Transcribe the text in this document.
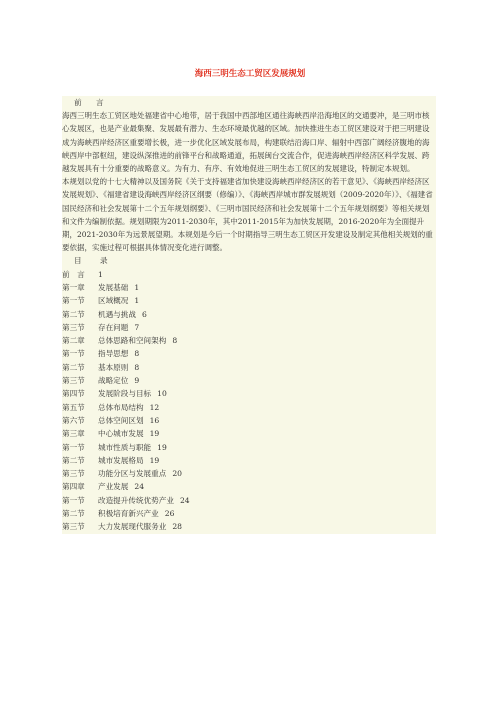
海西三明生态工贸区发展规划
前 言

海西三明生态工贸区地处福建省中心地带，居于我国中西部地区通往海峡西岸沿海地区的交通要冲，是三明市核心发展区，也是产业最集聚、发展最有潜力、生态环境最优越的区域。加快推进生态工贸区建设对于把三明建设成为海峡西岸经济区重要增长极，进一步优化区域发展布局，构建联结沿海口岸、辐射中西部广阔经济腹地的海峡西岸中部枢纽，建设纵深推进的前锋平台和战略通道，拓展闽台交流合作，促进海峡西岸经济区科学发展、跨越发展具有十分重要的战略意义。为有力、有序、有效地促进三明生态工贸区的发展建设，特制定本规划。

本规划以党的十七大精神以及国务院《关于支持福建省加快建设海峡西岸经济区的若干意见》、《海峡西岸经济区发展规划》、《福建省建设海峡西岸经济区纲要（修编）》、《海峡西岸城市群发展规划（2009-2020年）》、《福建省国民经济和社会发展第十二个五年规划纲要》、《三明市国民经济和社会发展第十二个五年规划纲要》等相关规划和文件为编制依据。规划期限为2011-2030年，其中2011-2015年为加快发展期，2016-2020年为全面提升期，2021-2030年为远景展望期。本规划是今后一个时期指导三明生态工贸区开发建设及制定其他相关规划的重要依据，实施过程可根据具体情况变化进行调整。

目 录
前　言	1
第一章	发展基础 1
第一节	区域概况 1
第二节	机遇与挑战 6
第三节	存在问题 7
第二章	总体思路和空间架构 8
第一节	指导思想 8
第二节	基本原则 8
第三节	战略定位 9
第四节	发展阶段与目标 10
第五节	总体布局结构 12
第六节	总体空间区划 16
第三章	中心城市发展 19
第一节	城市性质与职能 19
第二节	城市发展格局 19
第三节	功能分区与发展重点 20
第四章	产业发展 24
第一节	改造提升传统优势产业 24
第二节	积极培育新兴产业 26
第三节	大力发展现代服务业 28
